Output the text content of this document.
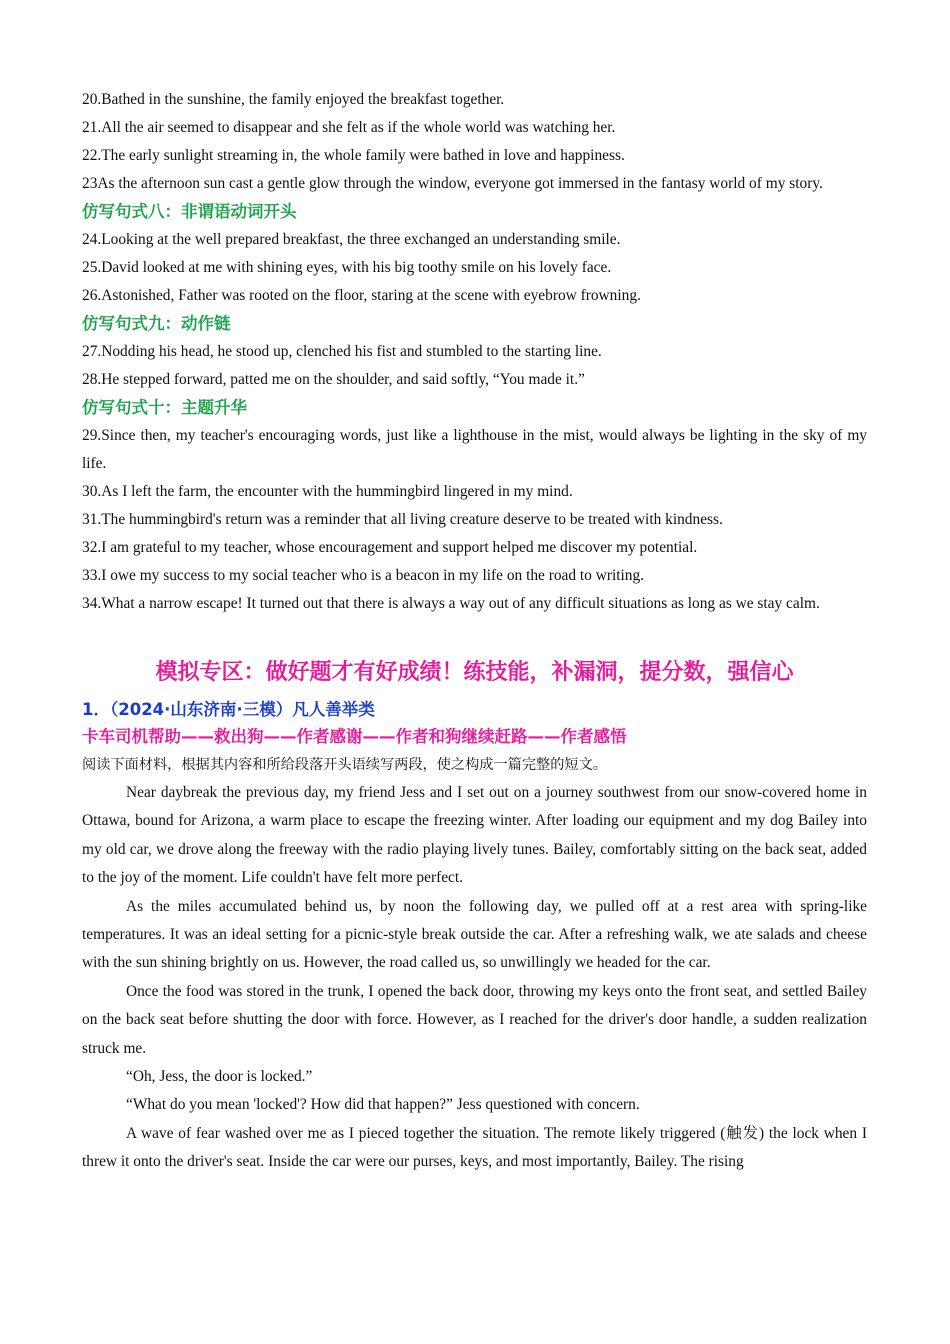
20.Bathed in the sunshine, the family enjoyed the breakfast together.

21.All the air seemed to disappear and she felt as if the whole world was watching her.

22.The early sunlight streaming in, the whole family were bathed in love and happiness.

23As the afternoon sun cast a gentle glow through the window, everyone got immersed in the fantasy world of my story.

仿写句式八：非谓语动词开头

24.Looking at the well prepared breakfast, the three exchanged an understanding smile.

25.David looked at me with shining eyes, with his big toothy smile on his lovely face.

26.Astonished, Father was rooted on the floor, staring at the scene with eyebrow frowning.

仿写句式九：动作链

27.Nodding his head, he stood up, clenched his fist and stumbled to the starting line.

28.He stepped forward, patted me on the shoulder, and said softly, “You made it.”

仿写句式十：主题升华

29.Since then, my teacher's encouraging words, just like a lighthouse in the mist, would always be lighting in the sky of my life.

30.As I left the farm, the encounter with the hummingbird lingered in my mind.

31.The hummingbird's return was a reminder that all living creature deserve to be treated with kindness.

32.I am grateful to my teacher, whose encouragement and support helped me discover my potential.

33.I owe my success to my social teacher who is a beacon in my life on the road to writing.

34.What a narrow escape! It turned out that there is always a way out of any difficult situations as long as we stay calm.

模拟专区：做好题才有好成绩！练技能，补漏洞，提分数，强信心

1．（2024·山东济南·三模）凡人善举类

卡车司机帮助——救出狗——作者感谢——作者和狗继续赶路——作者感悟

阅读下面材料，根据其内容和所给段落开头语续写两段，使之构成一篇完整的短文。

Near daybreak the previous day, my friend Jess and I set out on a journey southwest from our snow-covered home in Ottawa, bound for Arizona, a warm place to escape the freezing winter. After loading our equipment and my dog Bailey into my old car, we drove along the freeway with the radio playing lively tunes. Bailey, comfortably sitting on the back seat, added to the joy of the moment. Life couldn't have felt more perfect.

As the miles accumulated behind us, by noon the following day, we pulled off at a rest area with spring-like temperatures. It was an ideal setting for a picnic-style break outside the car. After a refreshing walk, we ate salads and cheese with the sun shining brightly on us. However, the road called us, so unwillingly we headed for the car.

Once the food was stored in the trunk, I opened the back door, throwing my keys onto the front seat, and settled Bailey on the back seat before shutting the door with force. However, as I reached for the driver's door handle, a sudden realization struck me.

“Oh, Jess, the door is locked.”

“What do you mean 'locked'? How did that happen?” Jess questioned with concern.

A wave of fear washed over me as I pieced together the situation. The remote likely triggered (触发) the lock when I threw it onto the driver's seat. Inside the car were our purses, keys, and most importantly, Bailey. The rising
